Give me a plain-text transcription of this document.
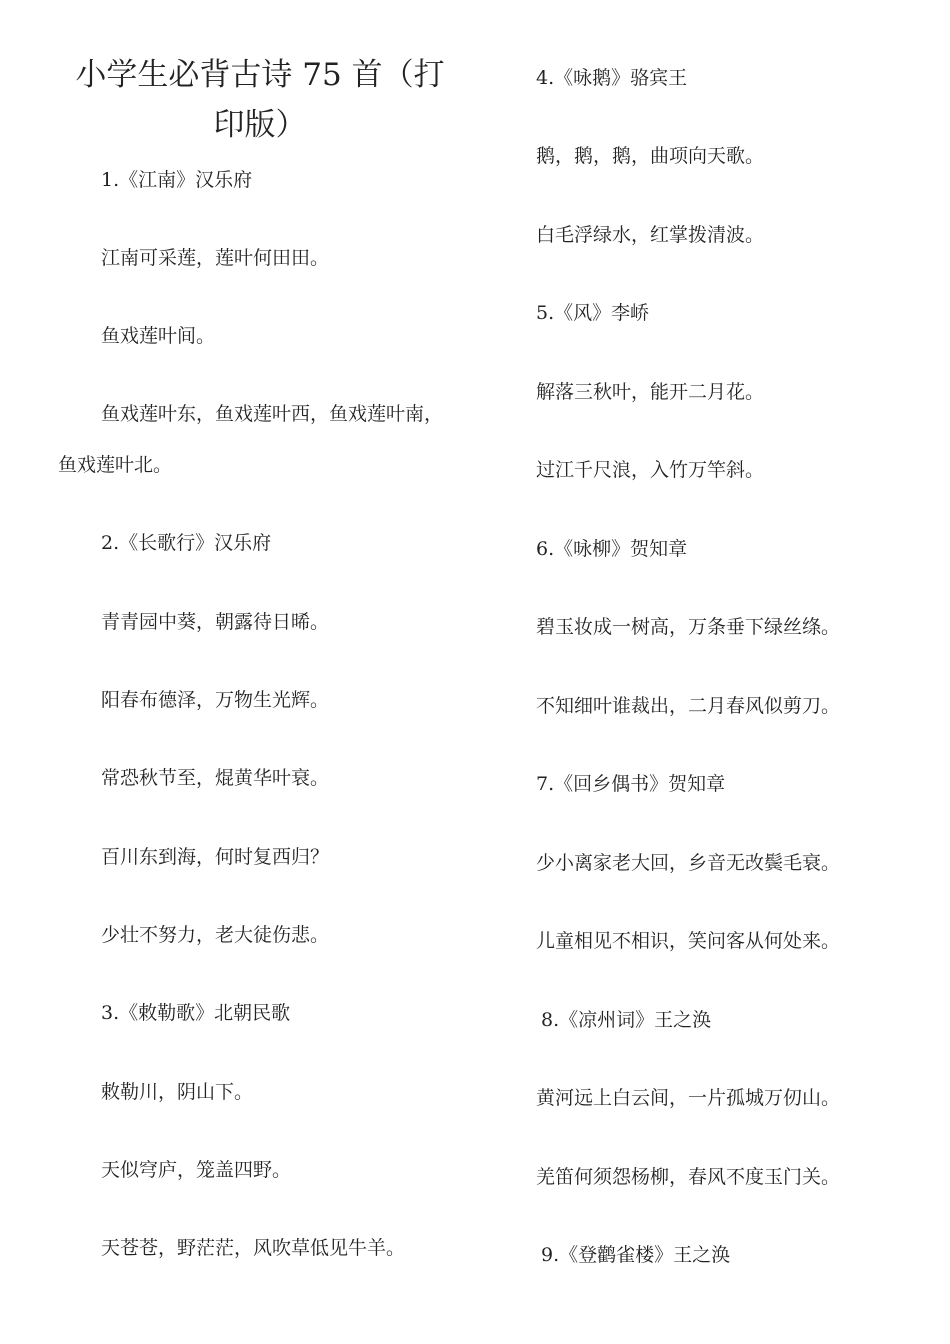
小学生必背古诗 75 首（打
印版）
1.《江南》汉乐府
江南可采莲，莲叶何田田。
鱼戏莲叶间。
鱼戏莲叶东，鱼戏莲叶西，鱼戏莲叶南，
鱼戏莲叶北。
2.《长歌行》汉乐府
青青园中葵，朝露待日晞。
阳春布德泽，万物生光辉。
常恐秋节至，焜黄华叶衰。
百川东到海，何时复西归？
少壮不努力，老大徒伤悲。
3.《敕勒歌》北朝民歌
敕勒川，阴山下。
天似穹庐，笼盖四野。
天苍苍，野茫茫，风吹草低见牛羊。
4.《咏鹅》骆宾王
鹅，鹅，鹅，曲项向天歌。
白毛浮绿水，红掌拨清波。
5.《风》李峤
解落三秋叶，能开二月花。
过江千尺浪，入竹万竿斜。
6.《咏柳》贺知章
碧玉妆成一树高，万条垂下绿丝绦。
不知细叶谁裁出，二月春风似剪刀。
7.《回乡偶书》贺知章
少小离家老大回，乡音无改鬓毛衰。
儿童相见不相识，笑问客从何处来。
8.《凉州词》王之涣
黄河远上白云间，一片孤城万仞山。
羌笛何须怨杨柳，春风不度玉门关。
9.《登鹳雀楼》王之涣
